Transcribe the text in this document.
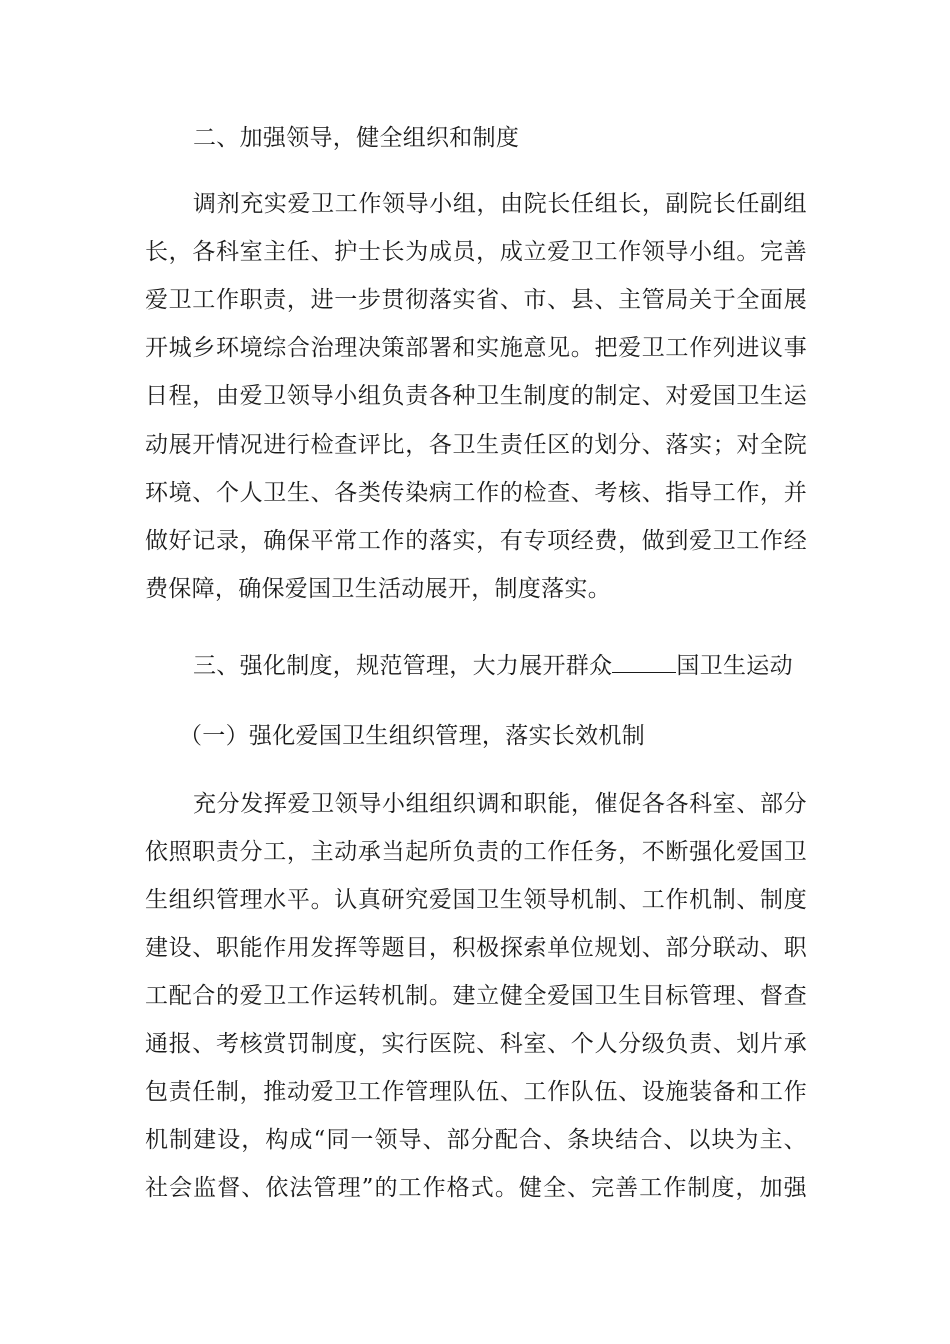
二、加强领导，健全组织和制度
调剂充实爱卫工作领导小组，由院长任组长，副院长任副组
长，各科室主任、护士长为成员，成立爱卫工作领导小组。完善
爱卫工作职责，进一步贯彻落实省、市、县、主管局关于全面展
开城乡环境综合治理决策部署和实施意见。把爱卫工作列进议事
日程，由爱卫领导小组负责各种卫生制度的制定、对爱国卫生运
动展开情况进行检查评比，各卫生责任区的划分、落实；对全院
环境、个人卫生、各类传染病工作的检查、考核、指导工作，并
做好记录，确保平常工作的落实，有专项经费，做到爱卫工作经
费保障，确保爱国卫生活动展开，制度落实。
三、强化制度，规范管理，大力展开群众	国卫生运动
（一）强化爱国卫生组织管理，落实长效机制
充分发挥爱卫领导小组组织调和职能，催促各各科室、部分
依照职责分工，主动承当起所负责的工作任务，不断强化爱国卫
生组织管理水平。认真研究爱国卫生领导机制、工作机制、制度
建设、职能作用发挥等题目，积极探索单位规划、部分联动、职
工配合的爱卫工作运转机制。建立健全爱国卫生目标管理、督查
通报、考核赏罚制度，实行医院、科室、个人分级负责、划片承
包责任制，推动爱卫工作管理队伍、工作队伍、设施装备和工作
机制建设，构成“同一领导、部分配合、条块结合、以块为主、
社会监督、依法管理”的工作格式。健全、完善工作制度，加强
